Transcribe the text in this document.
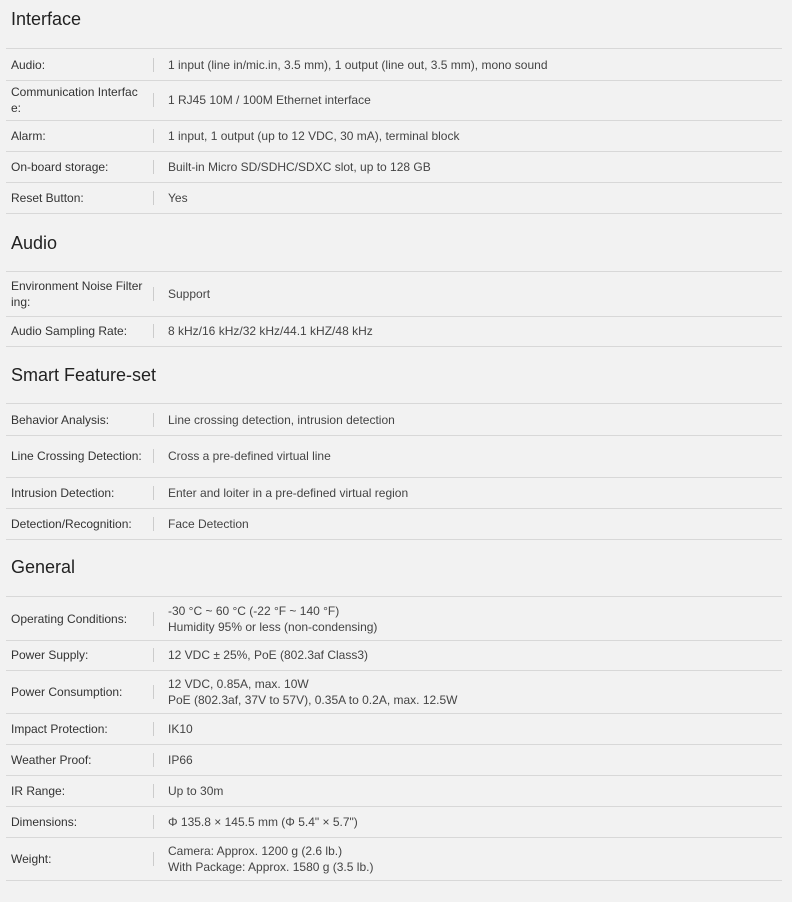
Interface
Audio:	1 input (line in/mic.in, 3.5 mm), 1 output (line out, 3.5 mm), mono sound
Communication Interface:
1 RJ45 10M / 100M Ethernet interface
Alarm:	1 input, 1 output (up to 12 VDC, 30 mA), terminal block
On-board storage:	Built-in Micro SD/SDHC/SDXC slot, up to 128 GB
Reset Button:	Yes
Audio
Environment Noise Filtering:
Support
Audio Sampling Rate:	8 kHz/16 kHz/32 kHz/44.1 kHZ/48 kHz
Smart Feature-set
Behavior Analysis:	Line crossing detection, intrusion detection
Line Crossing Detection: Cross a pre-defined virtual line
Intrusion Detection:	Enter and loiter in a pre-defined virtual region
Detection/Recognition:	Face Detection
General
Operating Conditions:
-30 °C ~ 60 °C (-22 °F ~ 140 °F)
Humidity 95% or less (non-condensing)
Power Supply:	12 VDC ± 25%, PoE (802.3af Class3)
Power Consumption:
12 VDC, 0.85A, max. 10W
PoE (802.3af, 37V to 57V), 0.35A to 0.2A, max. 12.5W
Impact Protection:	IK10
Weather Proof:	IP66
IR Range:	Up to 30m
Dimensions:	Φ 135.8 × 145.5 mm (Φ 5.4" × 5.7")
Weight:
Camera: Approx. 1200 g (2.6 lb.)
With Package: Approx. 1580 g (3.5 lb.)
